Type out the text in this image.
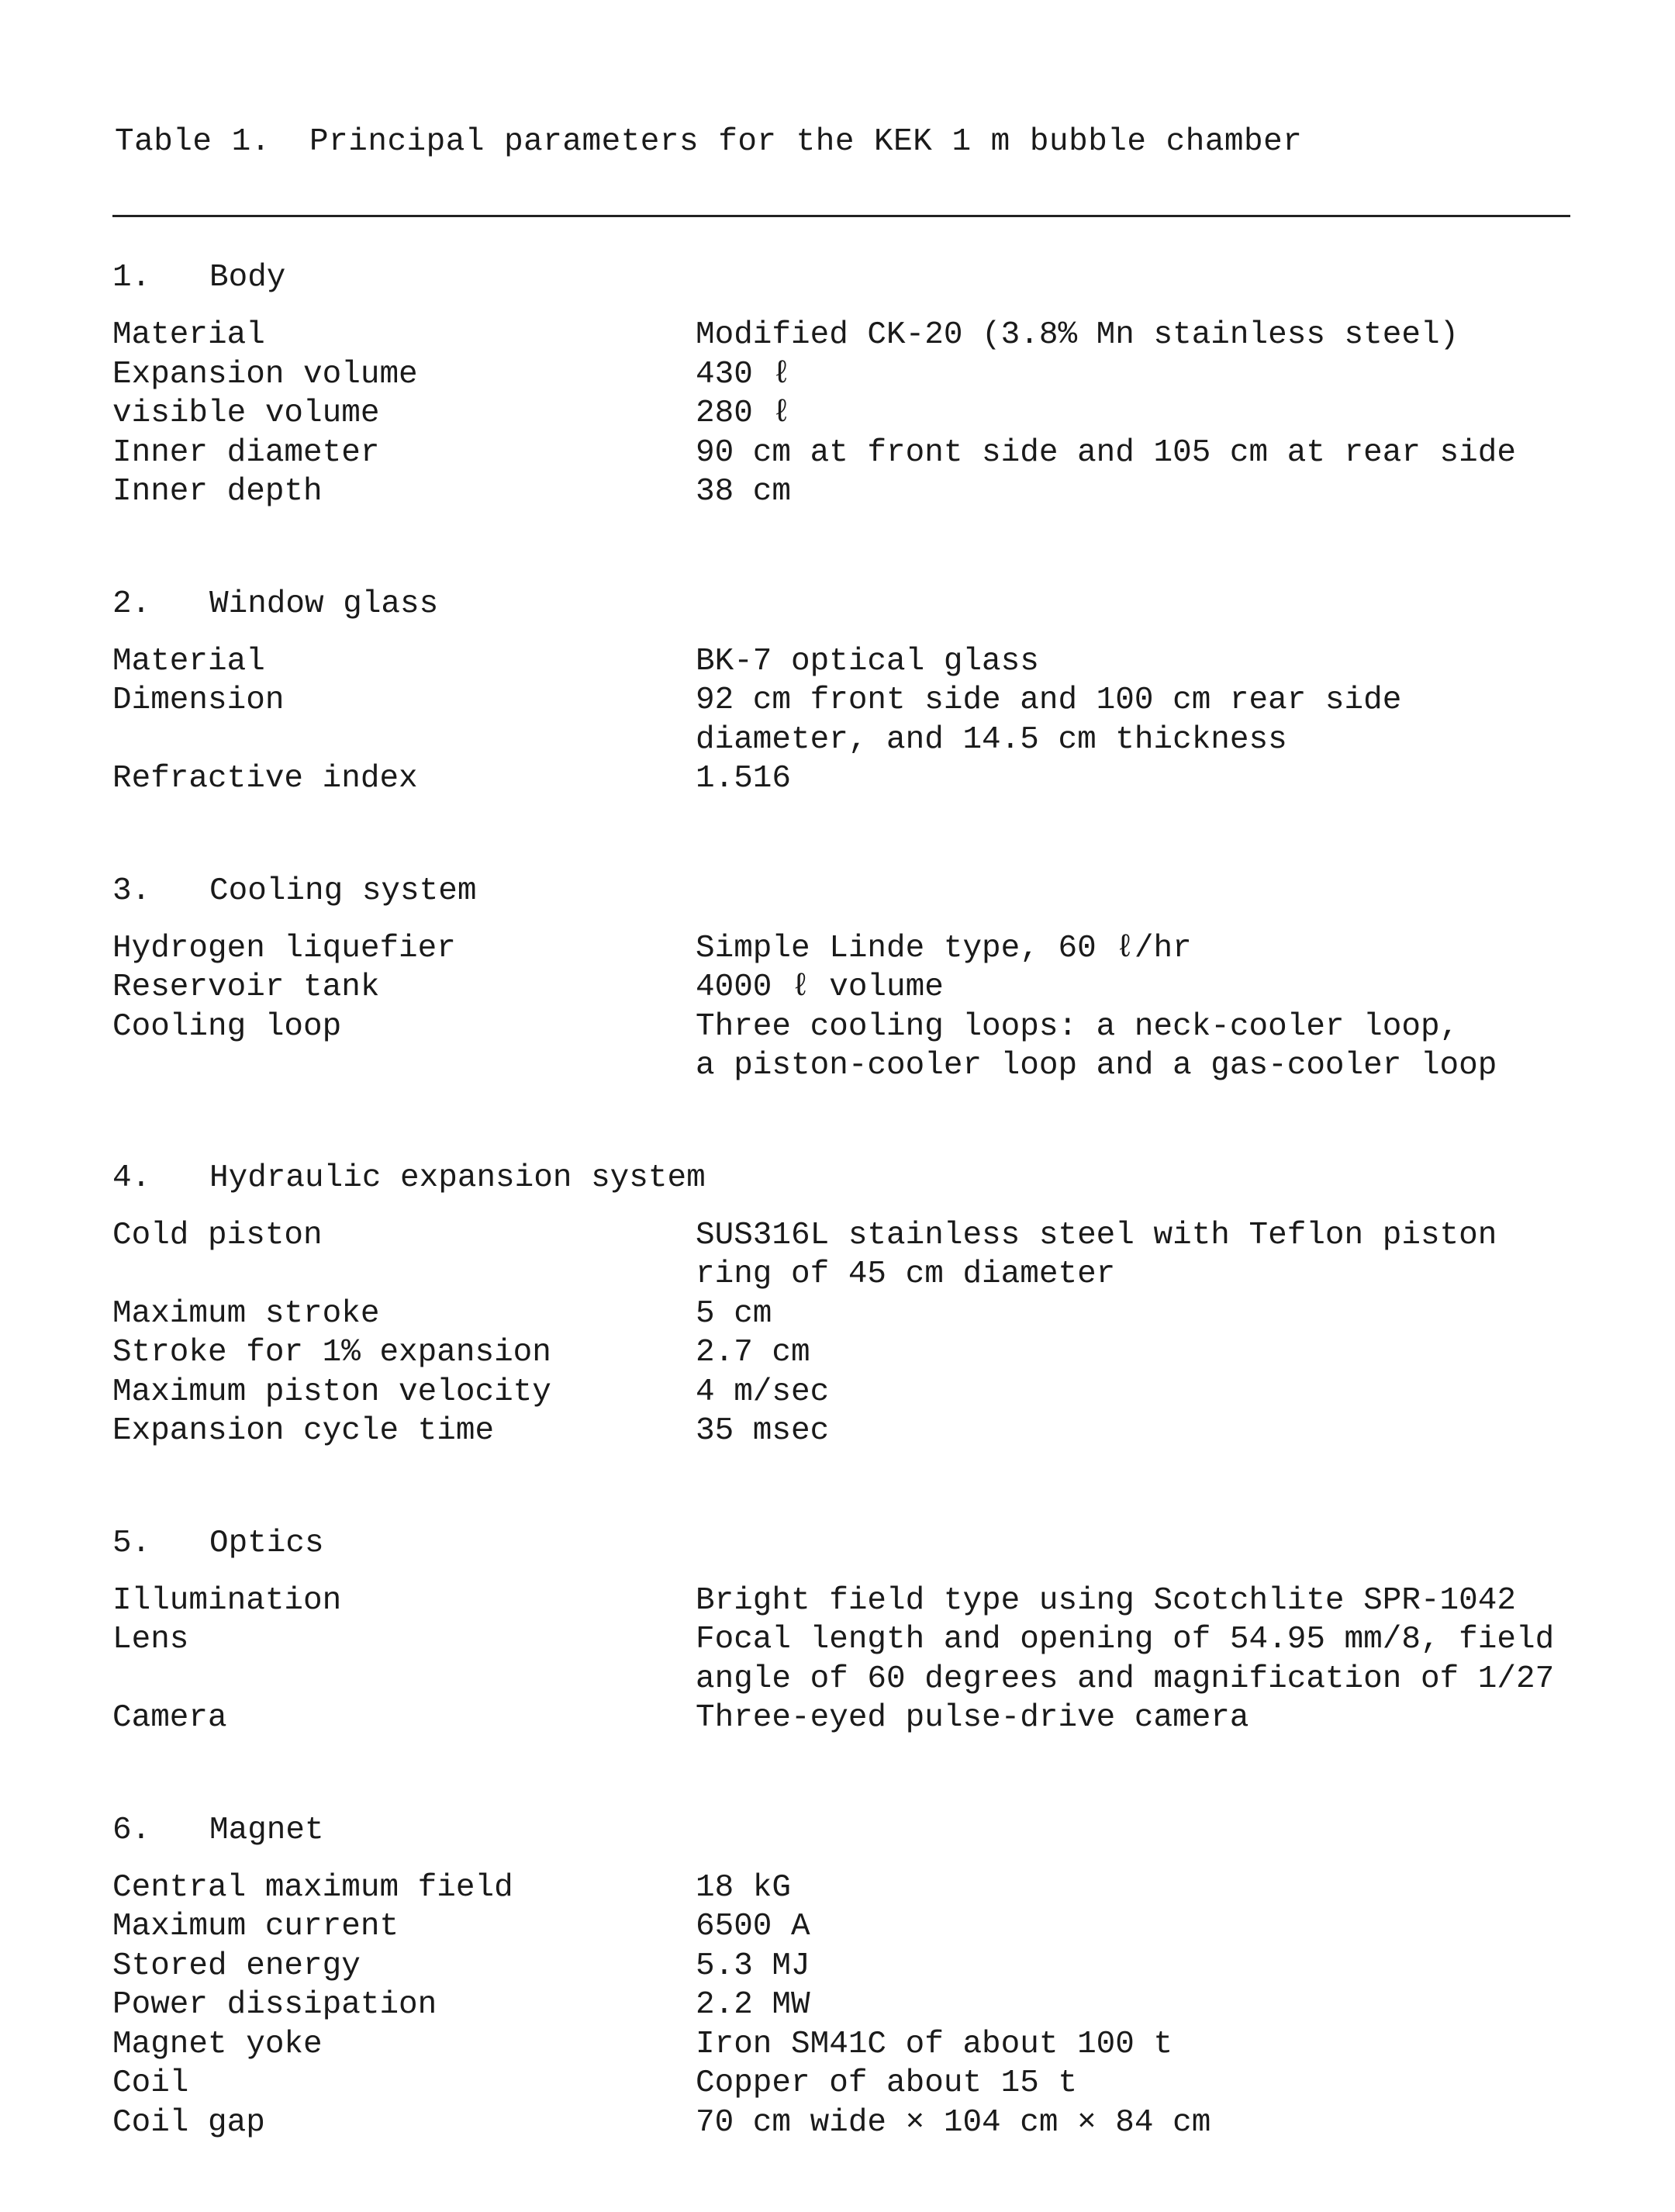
Table 1.  Principal parameters for the KEK 1 m bubble chamber
1.	Body
Material	Modified CK-20 (3.8% Mn stainless steel)
Expansion volume	430 ℓ
visible volume	280 ℓ
Inner diameter	90 cm at front side and 105 cm at rear side
Inner depth	38 cm
2.	Window glass
Material	BK-7 optical glass
Dimension	92 cm front side and 100 cm rear side
diameter, and 14.5 cm thickness
Refractive index	1.516
3.	Cooling system
Hydrogen liquefier	Simple Linde type, 60 ℓ/hr
Reservoir tank	4000 ℓ volume
Cooling loop	Three cooling loops: a neck-cooler loop,
a piston-cooler loop and a gas-cooler loop
4.	Hydraulic expansion system
Cold piston	SUS316L stainless steel with Teflon piston
ring of 45 cm diameter
Maximum stroke	5 cm
Stroke for 1% expansion	2.7 cm
Maximum piston velocity	4 m/sec
Expansion cycle time	35 msec
5.	Optics
Illumination	Bright field type using Scotchlite SPR-1042
Lens	Focal length and opening of 54.95 mm/8, field
angle of 60 degrees and magnification of 1/27
Camera	Three-eyed pulse-drive camera
6.	Magnet
Central maximum field	18 kG
Maximum current	6500 A
Stored energy	5.3 MJ
Power dissipation	2.2 MW
Magnet yoke	Iron SM41C of about 100 t
Coil	Copper of about 15 t
Coil gap	70 cm wide × 104 cm × 84 cm
